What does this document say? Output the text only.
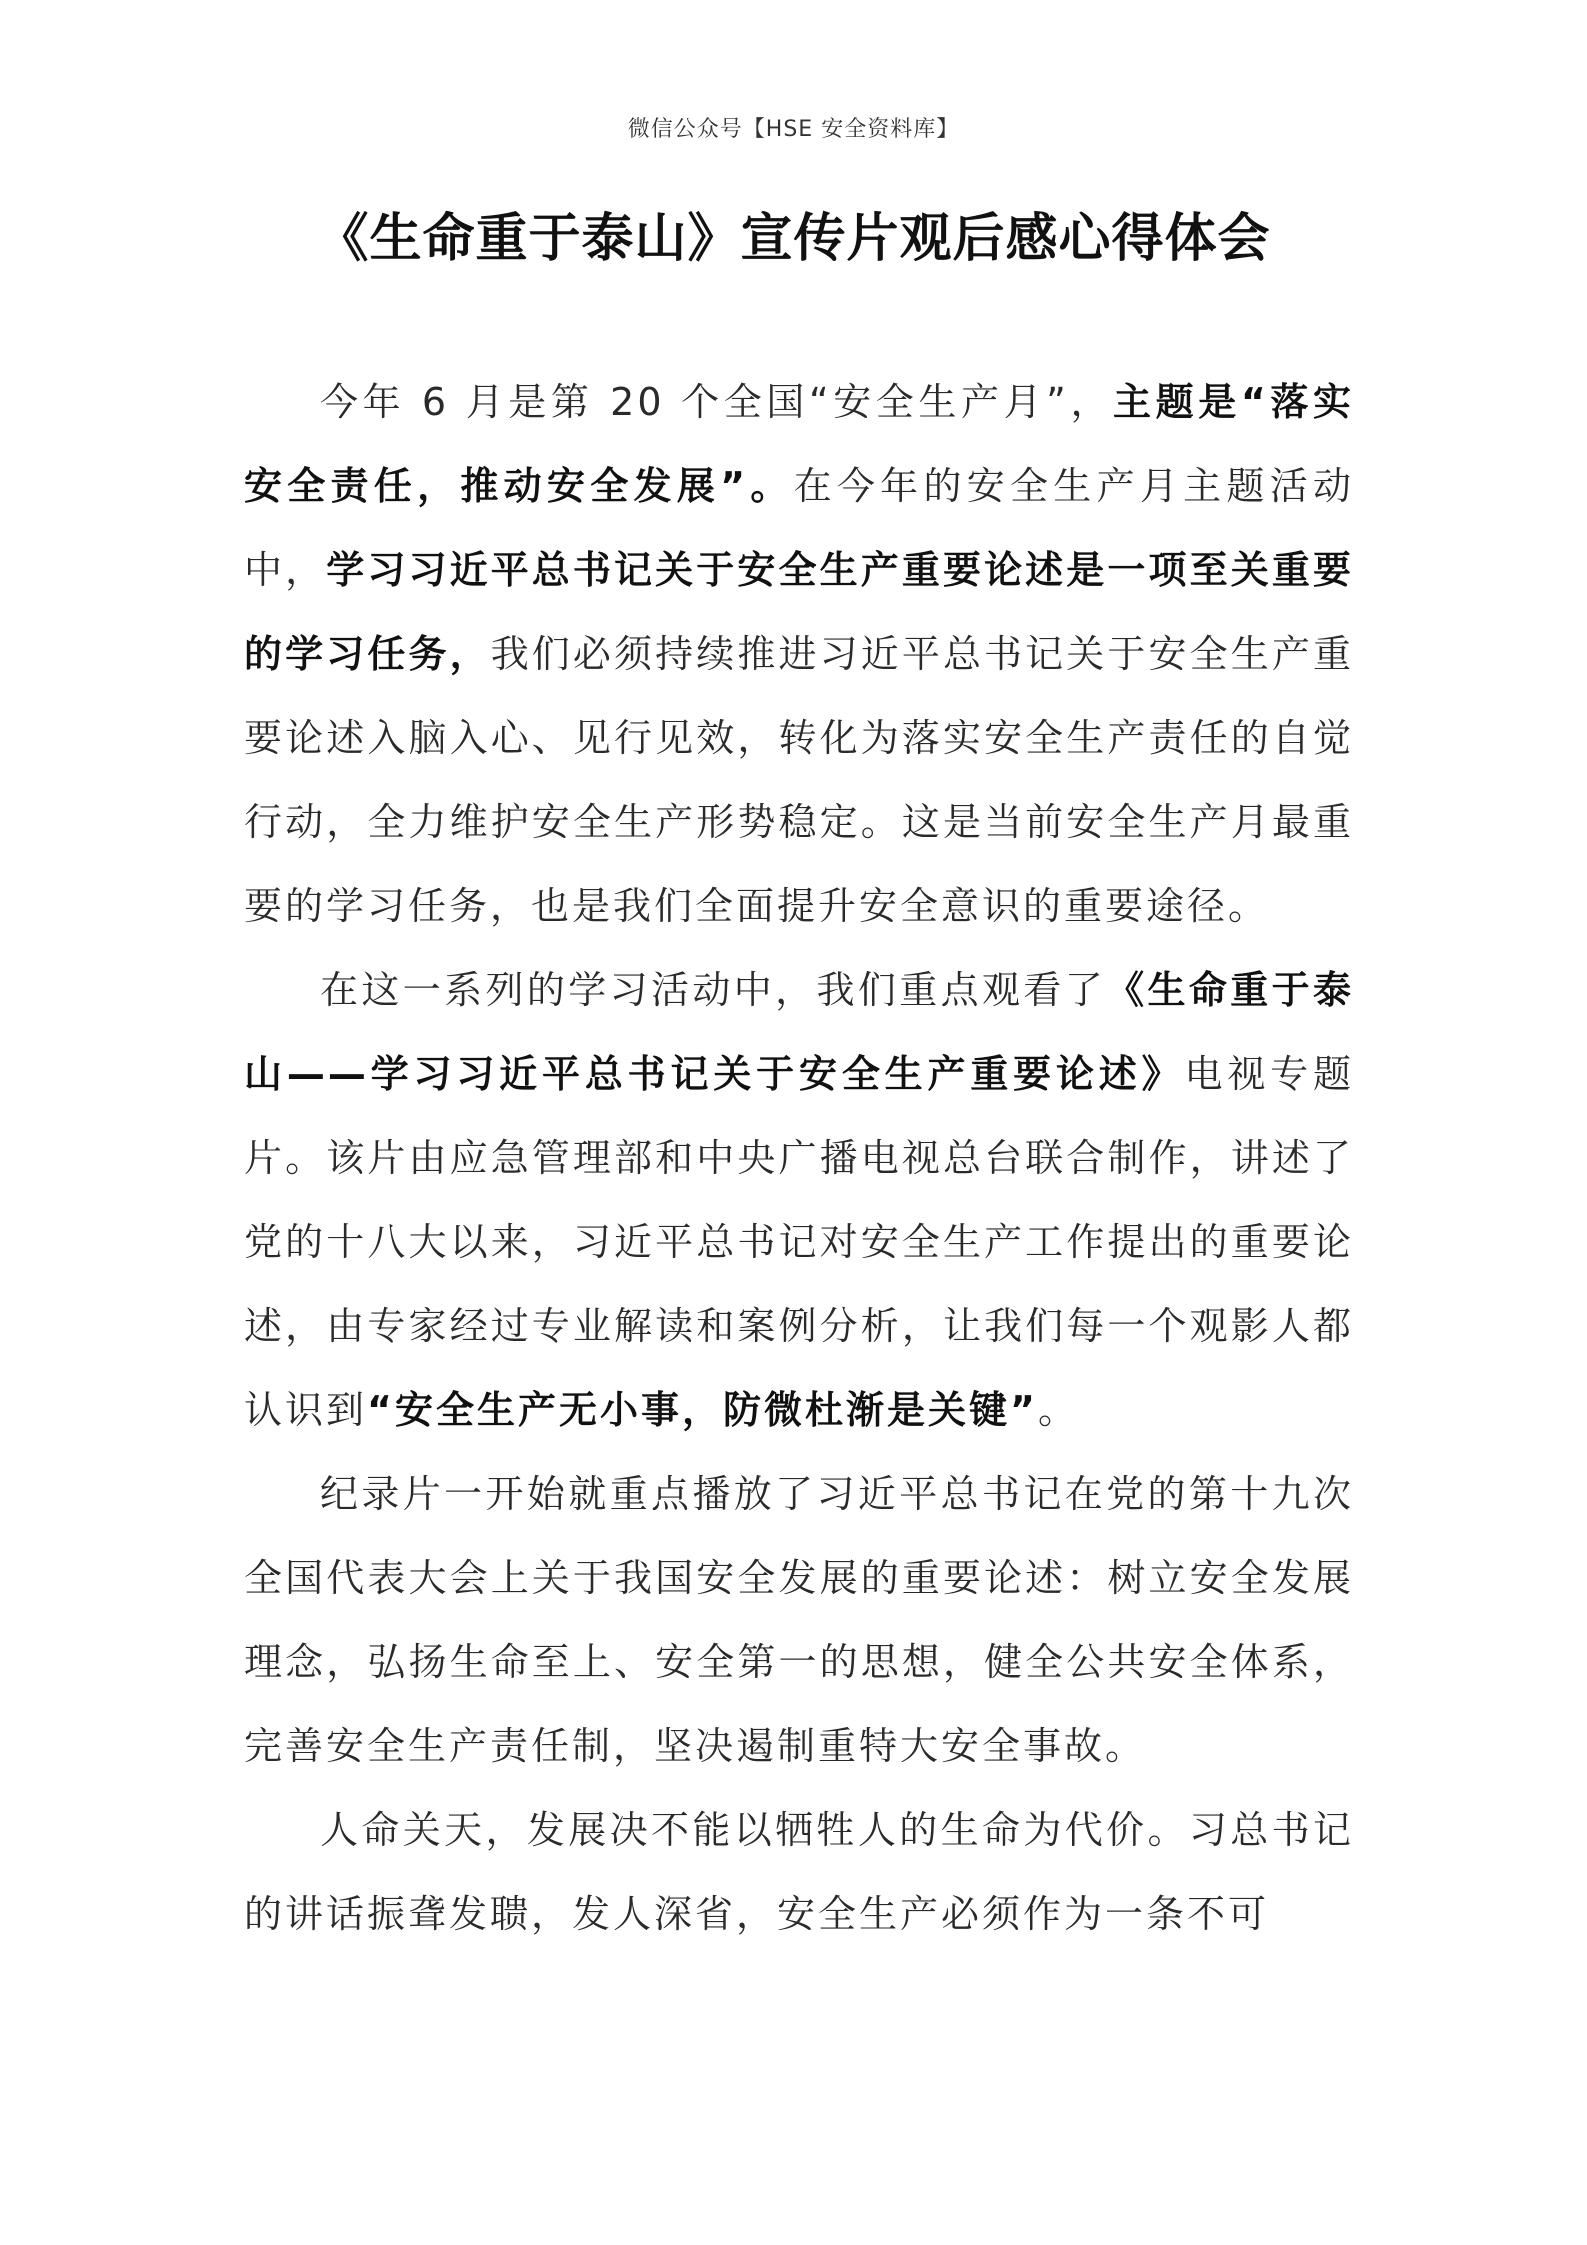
微信公众号【HSE 安全资料库】
《生命重于泰山》宣传片观后感心得体会

今年 6 月是第 20 个全国“安全生产月”，主题是“落实安全责任，推动安全发展”。在今年的安全生产月主题活动中，学习习近平总书记关于安全生产重要论述是一项至关重要的学习任务，我们必须持续推进习近平总书记关于安全生产重要论述入脑入心、见行见效，转化为落实安全生产责任的自觉行动，全力维护安全生产形势稳定。这是当前安全生产月最重要的学习任务，也是我们全面提升安全意识的重要途径。

在这一系列的学习活动中，我们重点观看了《生命重于泰山——学习习近平总书记关于安全生产重要论述》电视专题片。该片由应急管理部和中央广播电视总台联合制作，讲述了党的十八大以来，习近平总书记对安全生产工作提出的重要论述，由专家经过专业解读和案例分析，让我们每一个观影人都认识到“安全生产无小事，防微杜渐是关键”。

纪录片一开始就重点播放了习近平总书记在党的第十九次全国代表大会上关于我国安全发展的重要论述：树立安全发展理念，弘扬生命至上、安全第一的思想，健全公共安全体系，完善安全生产责任制，坚决遏制重特大安全事故。

人命关天，发展决不能以牺牲人的生命为代价。习总书记的讲话振聋发聩，发人深省，安全生产必须作为一条不可
